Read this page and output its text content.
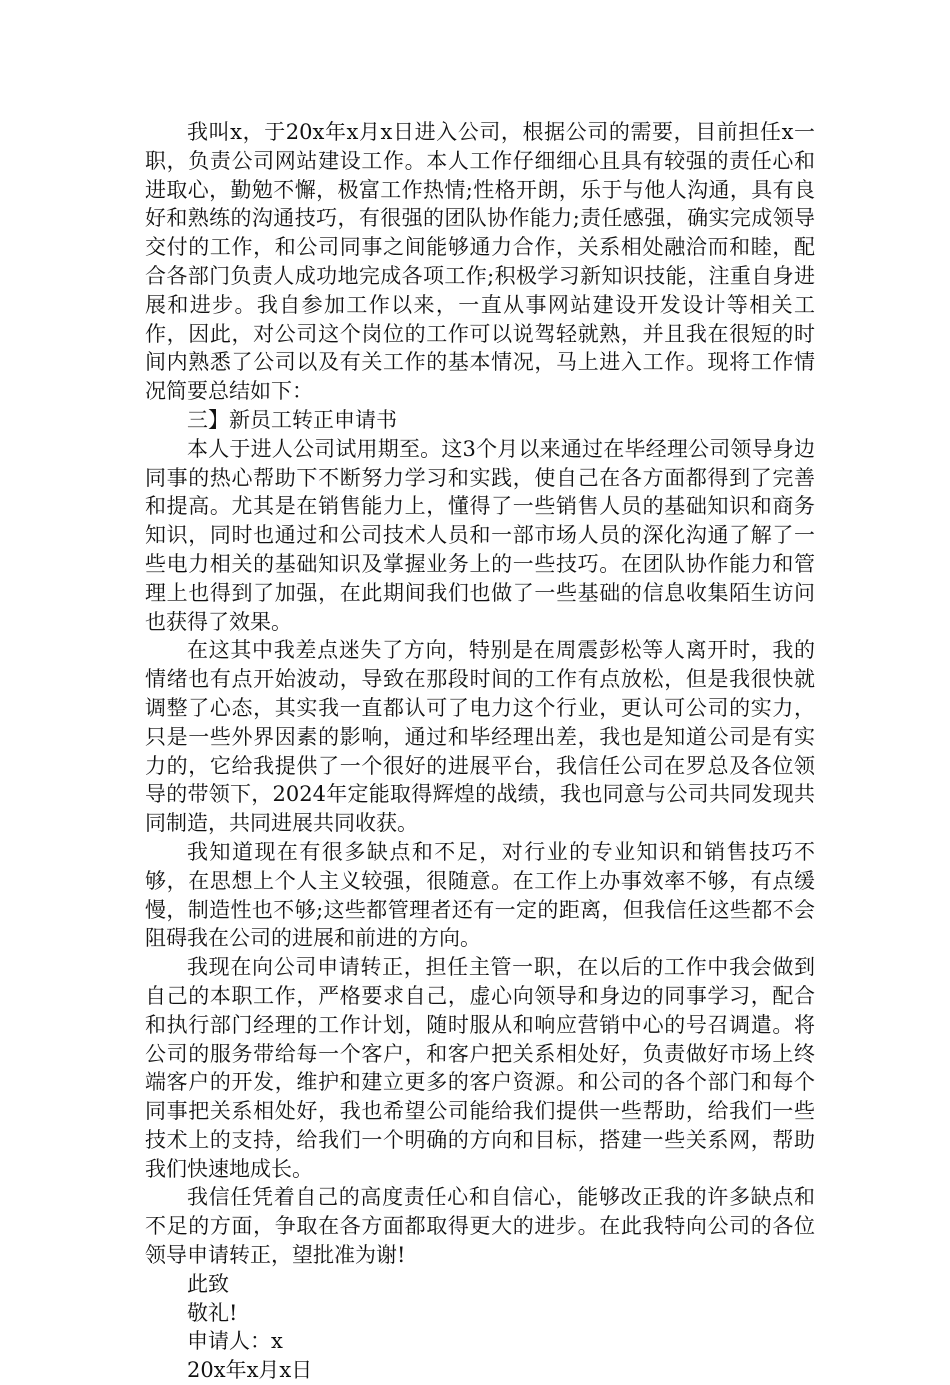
我叫x，于20x年x月x日进入公司，根据公司的需要，目前担任x一职，负责公司网站建设工作。本人工作仔细细心且具有较强的责任心和进取心，勤勉不懈，极富工作热情;性格开朗，乐于与他人沟通，具有良好和熟练的沟通技巧，有很强的团队协作能力;责任感强，确实完成领导交付的工作，和公司同事之间能够通力合作，关系相处融洽而和睦，配合各部门负责人成功地完成各项工作;积极学习新知识技能，注重自身进展和进步。我自参加工作以来，一直从事网站建设开发设计等相关工作，因此，对公司这个岗位的工作可以说驾轻就熟，并且我在很短的时间内熟悉了公司以及有关工作的基本情况，马上进入工作。现将工作情况简要总结如下：

三】新员工转正申请书

本人于进人公司试用期至。这3个月以来通过在毕经理公司领导身边同事的热心帮助下不断努力学习和实践，使自己在各方面都得到了完善和提高。尤其是在销售能力上，懂得了一些销售人员的基础知识和商务知识，同时也通过和公司技术人员和一部市场人员的深化沟通了解了一些电力相关的基础知识及掌握业务上的一些技巧。在团队协作能力和管理上也得到了加强，在此期间我们也做了一些基础的信息收集陌生访问也获得了效果。

在这其中我差点迷失了方向，特别是在周震彭松等人离开时，我的情绪也有点开始波动，导致在那段时间的工作有点放松，但是我很快就调整了心态，其实我一直都认可了电力这个行业，更认可公司的实力，只是一些外界因素的影响，通过和毕经理出差，我也是知道公司是有实力的，它给我提供了一个很好的进展平台，我信任公司在罗总及各位领导的带领下，2024年定能取得辉煌的战绩，我也同意与公司共同发现共同制造，共同进展共同收获。

我知道现在有很多缺点和不足，对行业的专业知识和销售技巧不够，在思想上个人主义较强，很随意。在工作上办事效率不够，有点缓慢，制造性也不够;这些都管理者还有一定的距离，但我信任这些都不会阻碍我在公司的进展和前进的方向。

我现在向公司申请转正，担任主管一职，在以后的工作中我会做到自己的本职工作，严格要求自己，虚心向领导和身边的同事学习，配合和执行部门经理的工作计划，随时服从和响应营销中心的号召调遣。将公司的服务带给每一个客户，和客户把关系相处好，负责做好市场上终端客户的开发，维护和建立更多的客户资源。和公司的各个部门和每个同事把关系相处好，我也希望公司能给我们提供一些帮助，给我们一些技术上的支持，给我们一个明确的方向和目标，搭建一些关系网，帮助我们快速地成长。

我信任凭着自己的高度责任心和自信心，能够改正我的许多缺点和不足的方面，争取在各方面都取得更大的进步。在此我特向公司的各位领导申请转正，望批准为谢!

此致

敬礼!

申请人：x

20x年x月x日
